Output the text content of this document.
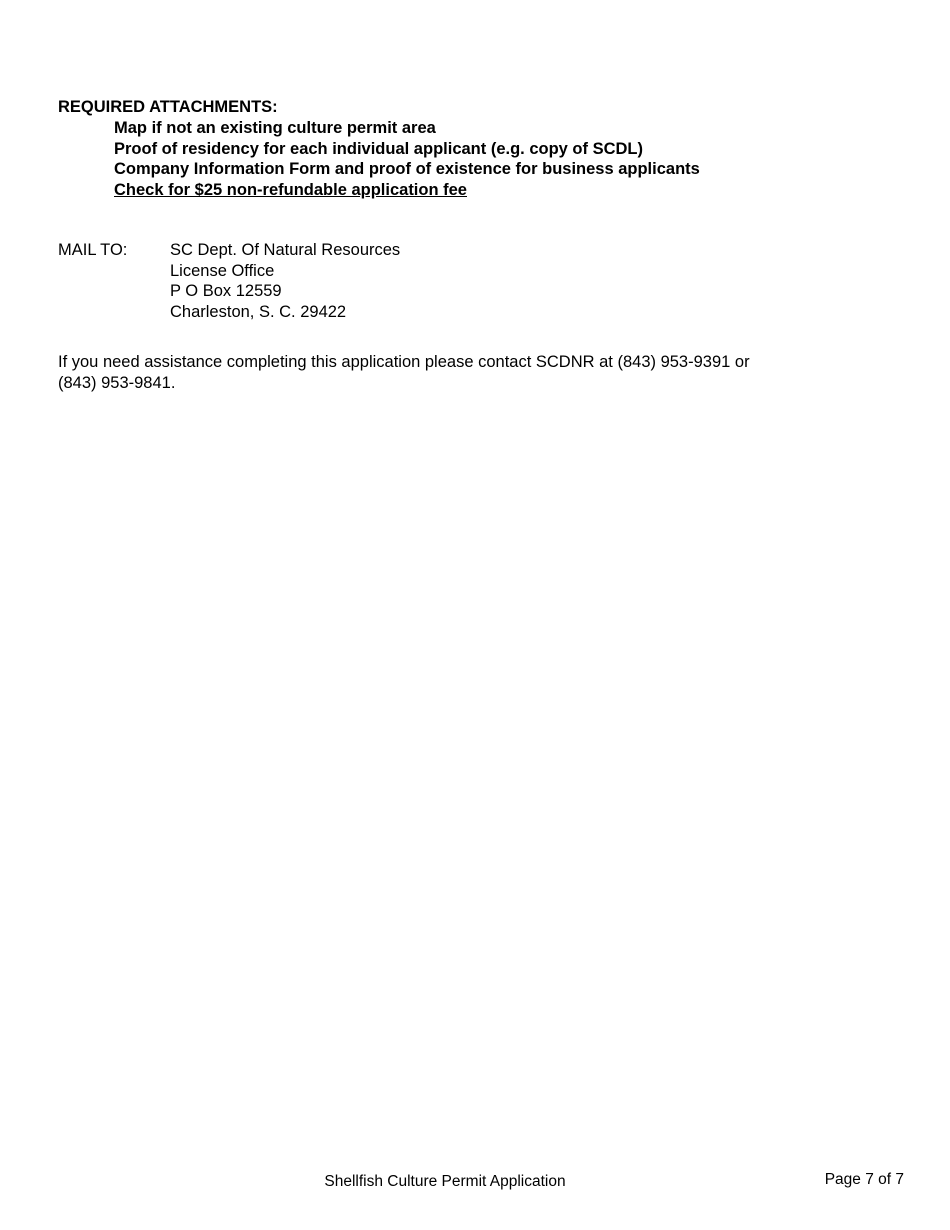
REQUIRED ATTACHMENTS:
Map if not an existing culture permit area
Proof of residency for each individual applicant (e.g. copy of SCDL)
Company Information Form and proof of existence for business applicants
Check for $25 non-refundable application fee
MAIL TO:	SC Dept. Of Natural Resources
License Office
P O Box 12559
Charleston, S. C. 29422

If you need assistance completing this application please contact SCDNR at (843) 953-9391 or
(843) 953-9841.

Shellfish Culture Permit Application	Page 7 of 7
